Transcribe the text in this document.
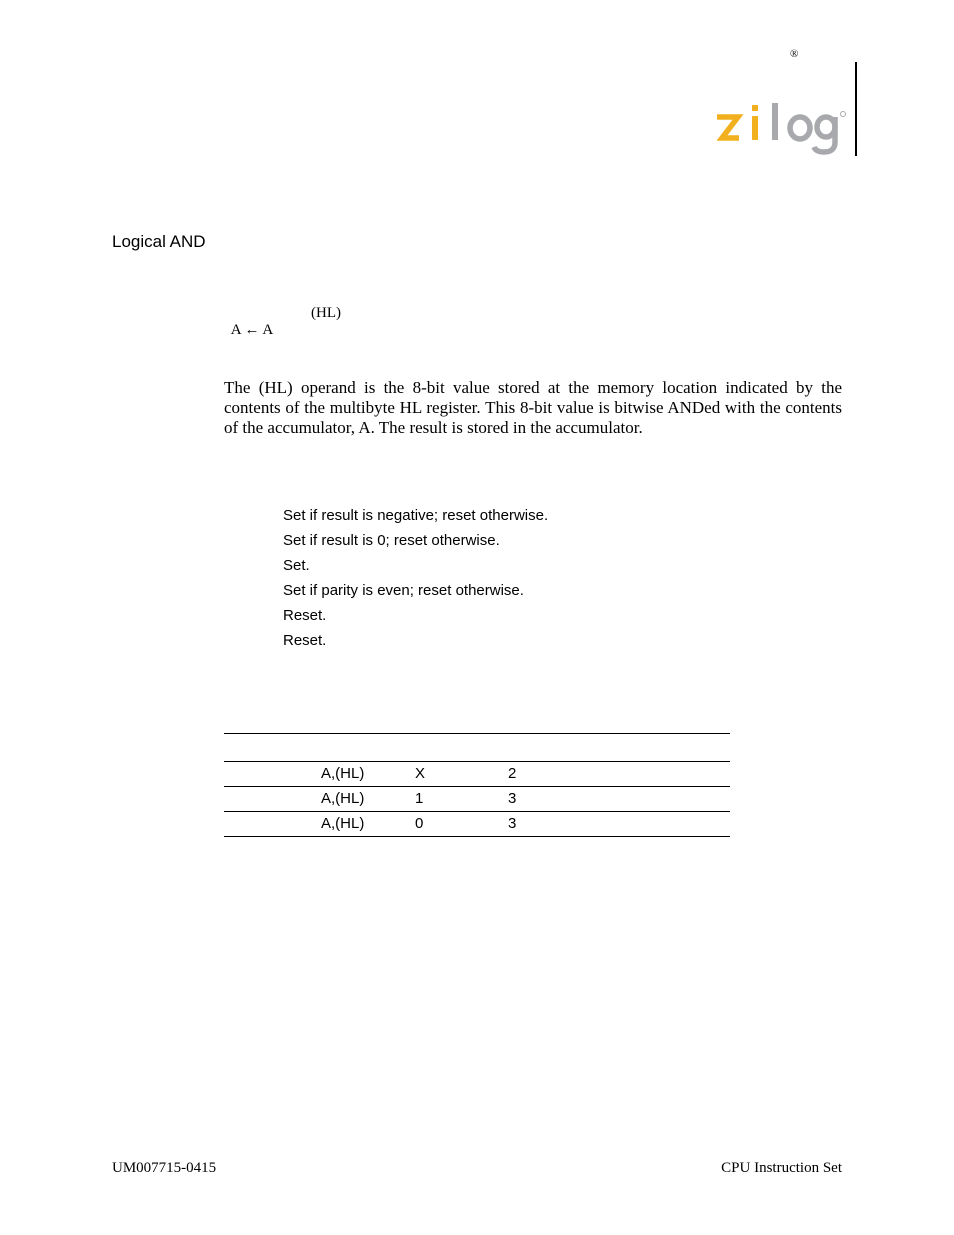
®
Logical AND

A ← A

(HL)

The (HL) operand is the 8-bit value stored at the memory location indicated by the contents of the multibyte HL register. This 8-bit value is bitwise ANDed with the contents of the accumulator, A. The result is stored in the accumulator.
Set if result is negative; reset otherwise.
Set if result is 0; reset otherwise.
Set.
Set if parity is even; reset otherwise.
Reset.
Reset.
A,(HL)	X	2
A,(HL)	1	3
A,(HL)	0	3
UM007715-0415	CPU Instruction Set
